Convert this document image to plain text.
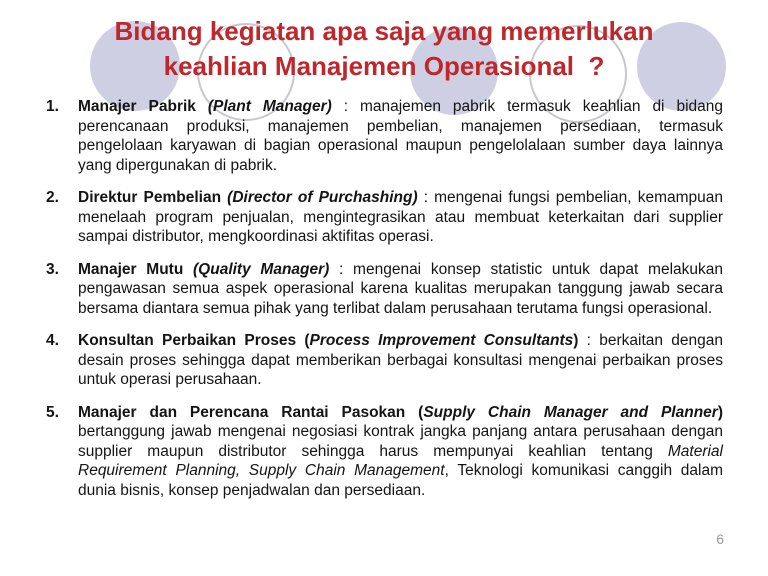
Bidang kegiatan apa saja yang memerlukan
keahlian Manajemen Operasional  ?
1. Manajer Pabrik (Plant Manager) : manajemen pabrik termasuk keahlian di bidang perencanaan produksi, manajemen pembelian, manajemen persediaan, termasuk pengelolaan karyawan di bagian operasional maupun pengelolalaan sumber daya lainnya yang dipergunakan di pabrik.
2. Direktur Pembelian (Director of Purchashing) : mengenai fungsi pembelian, kemampuan menelaah program penjualan, mengintegrasikan atau membuat keterkaitan dari supplier sampai distributor, mengkoordinasi aktifitas operasi.
3. Manajer Mutu (Quality Manager) : mengenai konsep statistic untuk dapat melakukan pengawasan semua aspek operasional karena kualitas merupakan tanggung jawab secara bersama diantara semua pihak yang terlibat dalam perusahaan terutama fungsi operasional.
4. Konsultan Perbaikan Proses (Process Improvement Consultants) : berkaitan dengan desain proses sehingga dapat memberikan berbagai konsultasi mengenai perbaikan proses untuk operasi perusahaan.
5. Manajer dan Perencana Rantai Pasokan (Supply Chain Manager and Planner) bertanggung jawab mengenai negosiasi kontrak jangka panjang antara perusahaan dengan supplier maupun distributor sehingga harus mempunyai keahlian tentang Material Requirement Planning, Supply Chain Management, Teknologi komunikasi canggih dalam dunia bisnis, konsep penjadwalan dan persediaan.
6
